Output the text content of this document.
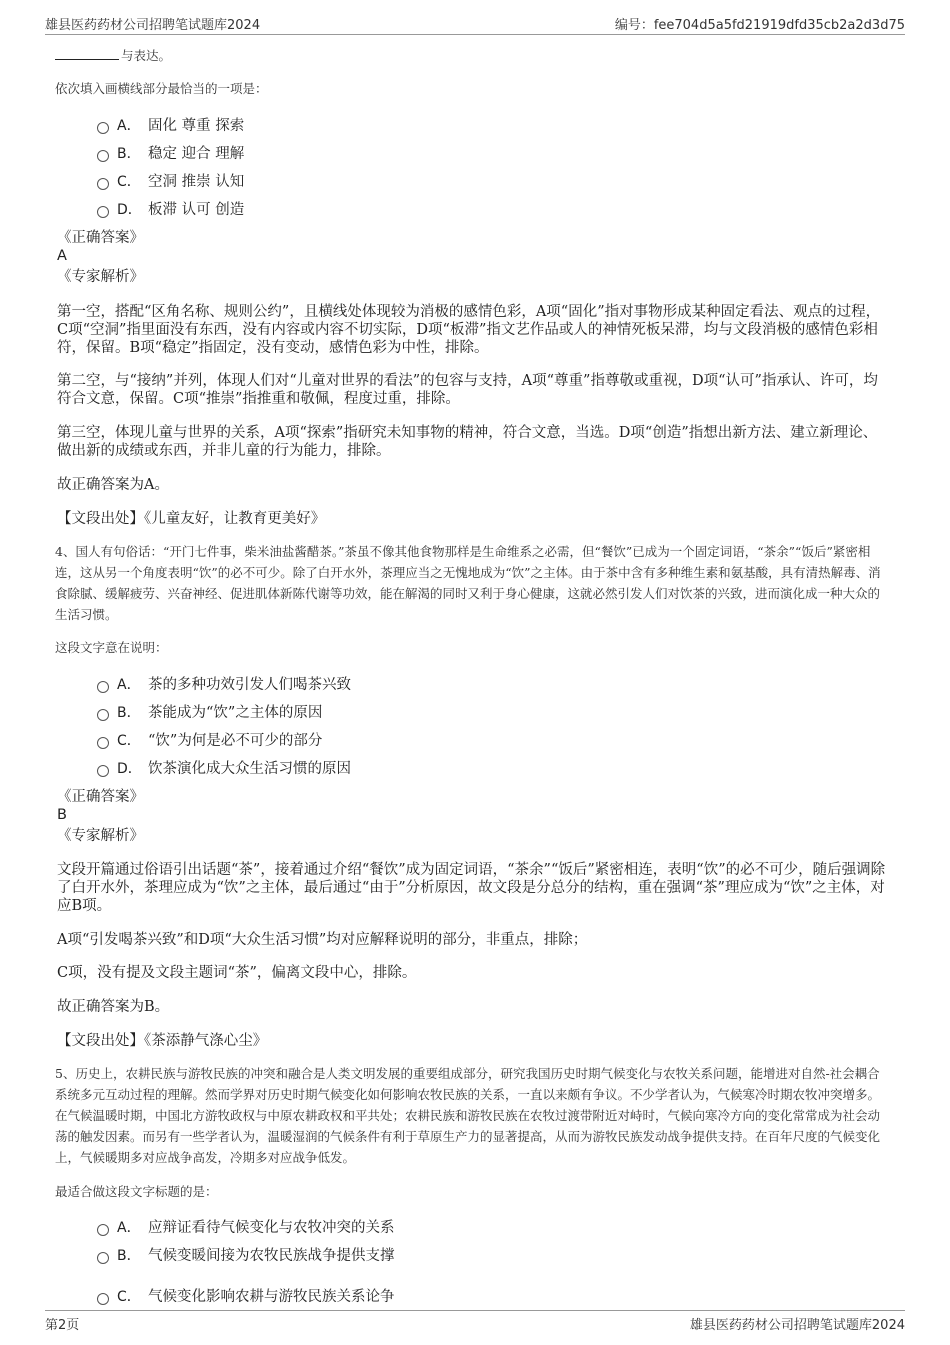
雄县医药药材公司招聘笔试题库2024	编号：fee704d5a5fd21919dfd35cb2a2d3d75
与表达。
依次填入画横线部分最恰当的一项是：
A． 固化 尊重 探索
B． 稳定 迎合 理解
C． 空洞 推崇 认知
D． 板滞 认可 创造
《正确答案》
A
《专家解析》
第一空，搭配“区角名称、规则公约”，且横线处体现较为消极的感情色彩，A项“固化”指对事物形成某种固定看法、观点的过程，C项“空洞”指里面没有东西，没有内容或内容不切实际，D项“板滞”指文艺作品或人的神情死板呆滞，均与文段消极的感情色彩相符，保留。B项“稳定”指固定，没有变动，感情色彩为中性，排除。
第二空，与“接纳”并列，体现人们对“儿童对世界的看法”的包容与支持，A项“尊重”指尊敬或重视，D项“认可”指承认、许可，均符合文意，保留。C项“推崇”指推重和敬佩，程度过重，排除。
第三空，体现儿童与世界的关系，A项“探索”指研究未知事物的精神，符合文意，当选。D项“创造”指想出新方法、建立新理论、做出新的成绩或东西，并非儿童的行为能力，排除。
故正确答案为A。
【文段出处】《儿童友好，让教育更美好》
4、国人有句俗话：“开门七件事，柴米油盐酱醋茶。”茶虽不像其他食物那样是生命维系之必需，但“餐饮”已成为一个固定词语，“茶余”“饭后”紧密相连，这从另一个角度表明“饮”的必不可少。除了白开水外，茶理应当之无愧地成为“饮”之主体。由于茶中含有多种维生素和氨基酸，具有清热解毒、消食除腻、缓解疲劳、兴奋神经、促进肌体新陈代谢等功效，能在解渴的同时又利于身心健康，这就必然引发人们对饮茶的兴致，进而演化成一种大众的生活习惯。
这段文字意在说明：
A． 茶的多种功效引发人们喝茶兴致
B． 茶能成为“饮”之主体的原因
C． “饮”为何是必不可少的部分
D． 饮茶演化成大众生活习惯的原因
《正确答案》
B
《专家解析》
文段开篇通过俗语引出话题“茶”，接着通过介绍“餐饮”成为固定词语，“茶余”“饭后”紧密相连，表明“饮”的必不可少，随后强调除了白开水外，茶理应成为“饮”之主体，最后通过“由于”分析原因，故文段是分总分的结构，重在强调“茶”理应成为“饮”之主体，对应B项。
A项“引发喝茶兴致”和D项“大众生活习惯”均对应解释说明的部分，非重点，排除；
C项，没有提及文段主题词“茶”，偏离文段中心，排除。
故正确答案为B。
【文段出处】《茶添静气涤心尘》
5、历史上，农耕民族与游牧民族的冲突和融合是人类文明发展的重要组成部分，研究我国历史时期气候变化与农牧关系问题，能增进对自然-社会耦合系统多元互动过程的理解。然而学界对历史时期气候变化如何影响农牧民族的关系，一直以来颇有争议。不少学者认为，气候寒冷时期农牧冲突增多。在气候温暖时期，中国北方游牧政权与中原农耕政权和平共处；农耕民族和游牧民族在农牧过渡带附近对峙时，气候向寒冷方向的变化常常成为社会动荡的触发因素。而另有一些学者认为，温暖湿润的气候条件有利于草原生产力的显著提高，从而为游牧民族发动战争提供支持。在百年尺度的气候变化上，气候暖期多对应战争高发，冷期多对应战争低发。
最适合做这段文字标题的是：
A． 应辩证看待气候变化与农牧冲突的关系
B． 气候变暖间接为农牧民族战争提供支撑
C． 气候变化影响农耕与游牧民族关系论争
第2页	雄县医药药材公司招聘笔试题库2024
